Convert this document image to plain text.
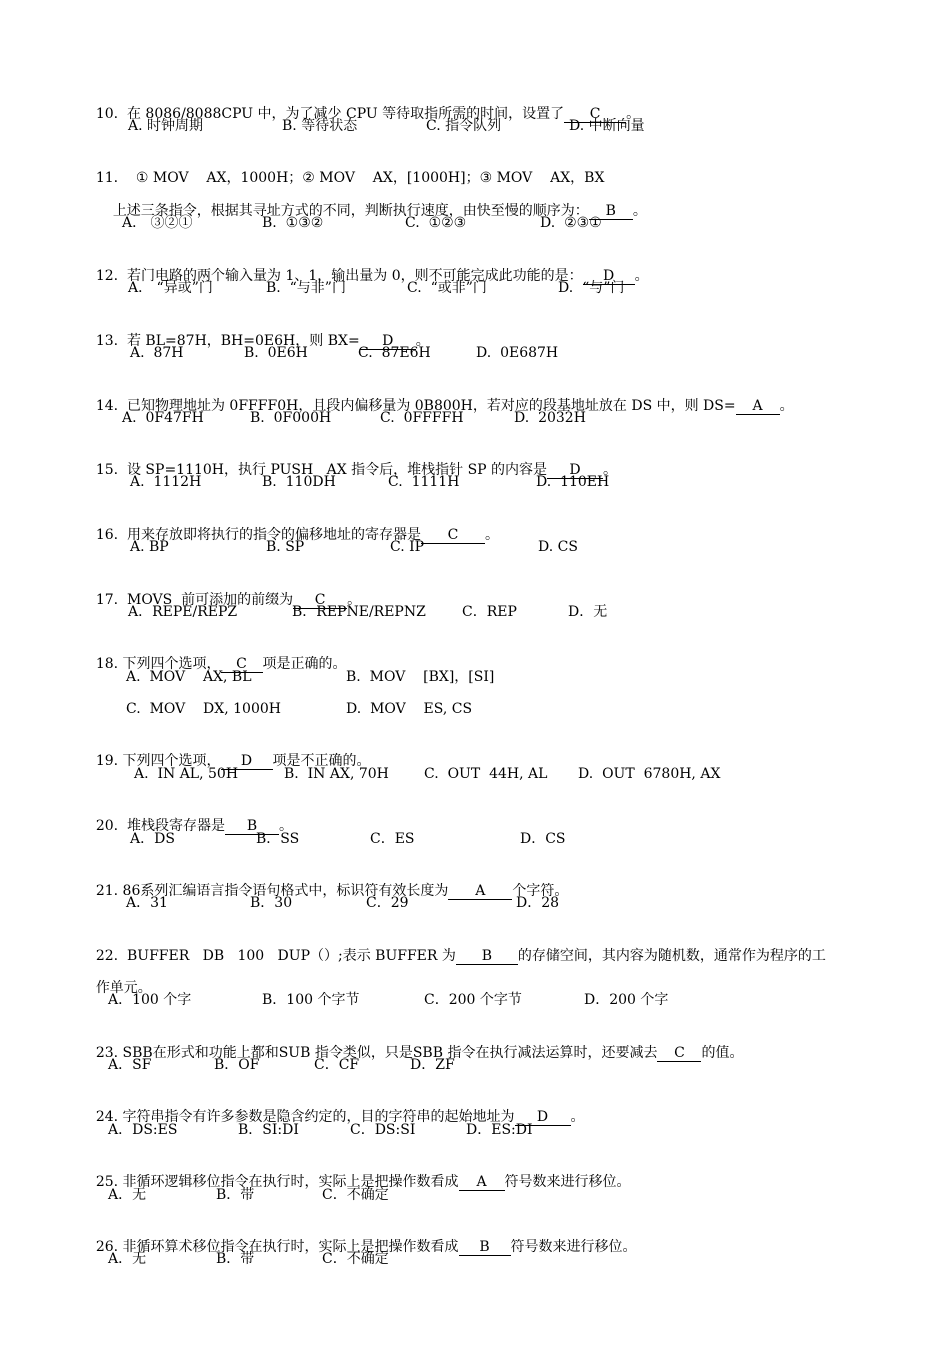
10. 在 8086/8088CPU 中，为了减少 CPU 等待取指所需的时间，设置了 C 。

A. 时钟周期

	B. 等待状态

	C. 指令队列

	D. 中断向量

11. ① MOV    AX，1000H；② MOV    AX，[1000H]；③ MOV    AX，BX

上述三条指令，根据其寻址方式的不同，判断执行速度，由快至慢的顺序为： B 。

A． ③②①

	B.  ①③②

	C.  ①②③

	D.  ②③①

12. 若门电路的两个输入量为 1、1，输出量为 0，则不可能完成此功能的是： D 。

A． “异或”门

	B.  “与非”门

	C.  “或非”门

	D.  “与”门

13. 若 BL=87H，BH=0E6H，则 BX= D 。

A.  87H

	B.  0E6H

	C.  87E6H

	D.  0E687H

14. 已知物理地址为 0FFFF0H，且段内偏移量为 0B800H，若对应的段基地址放在 DS 中，则 DS= A 。

A.  0F47FH

	B.  0F000H

	C.  0FFFFH

	D.  2032H

15. 设 SP=1110H，执行 PUSH   AX 指令后，堆栈指针 SP 的内容是 D 。

A.  1112H

	B.  110DH

	C.  1111H

	D.  110EH

16. 用来存放即将执行的指令的偏移地址的寄存器是 C 。

A. BP

	B. SP

	C. IP

	D. CS

17. MOVS  前可添加的前缀为 C 。

A．REPE/REPZ

	B．REPNE/REPNZ

	C．REP

	D．无

18. 下列四个选项， C 项是正确的。

A.  MOV    AX, BL

	B.  MOV    [BX]，[SI]

C.  MOV    DX, 1000H

	D.  MOV    ES, CS

19. 下列四个选项， D 项是不正确的。

A.  IN AL, 50H

	B.  IN AX, 70H

	C.  OUT  44H, AL

D.  OUT  6780H, AX

20. 堆栈段寄存器是 B 。

A．DS

	B．SS

	C．ES

	D．CS

21. 86系列汇编语言指令语句格式中，标识符有效长度为 A 个字符。

A．31

	B．30

	C．29

	D．28

22. BUFFER   DB   100   DUP（）;表示 BUFFER 为 B 的存储空间，其内容为随机数，通常作为程序的工

作单元。

A．100 个字

	B．100 个字节

	C．200 个字节

	D．200 个字

23. SBB在形式和功能上都和SUB 指令类似，只是SBB 指令在执行减法运算时，还要减去 C 的值。

A．SF

	B．OF

	C．CF

	D．ZF

24. 字符串指令有许多参数是隐含约定的，目的字符串的起始地址为 D 。

A．DS:ES

	B．SI:DI

	C．DS:SI

	D．ES:DI

25. 非循环逻辑移位指令在执行时，实际上是把操作数看成 A 符号数来进行移位。

A．无

	B．带

	C．不确定

26. 非循环算术移位指令在执行时，实际上是把操作数看成 B 符号数来进行移位。

A．无

	B．带

	C．不确定
